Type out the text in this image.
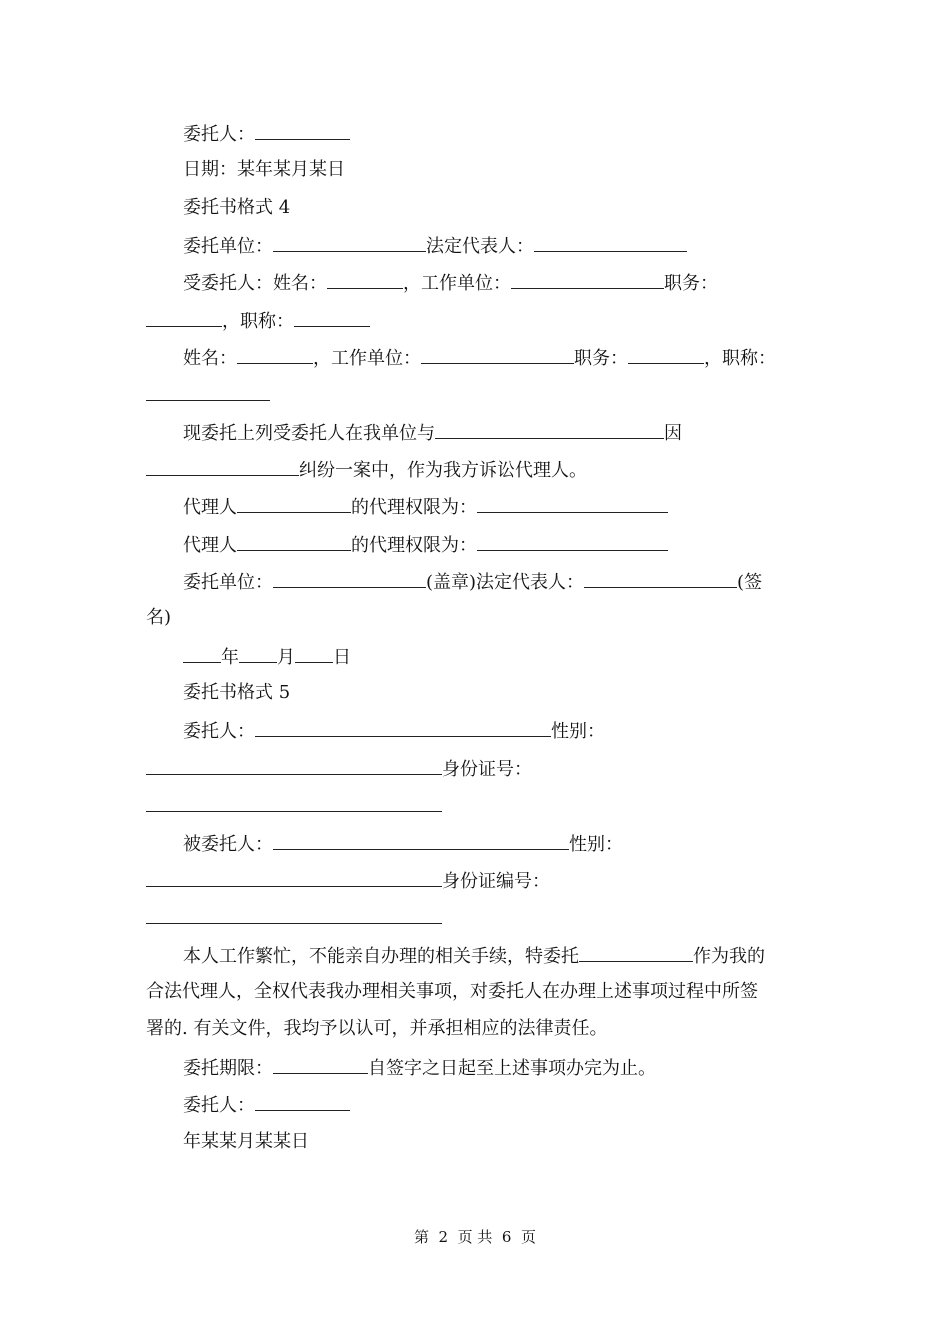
委托人：
日期：某年某月某日
委托书格式 4
委托单位：	法定代表人：
受委托人：姓名：	，工作单位：	职务：
，职称：
姓名：	，工作单位：	职务：	，职称：
现委托上列受委托人在我单位与	因
纠纷一案中，作为我方诉讼代理人。
代理人	的代理权限为：
代理人	的代理权限为：
委托单位：	(盖章)法定代表人：	(签
名)
年 月 日
委托书格式 5
委托人：	性别：
身份证号：
被委托人：	性别：
身份证编号：
本人工作繁忙，不能亲自办理的相关手续，特委托	作为我的
合法代理人，全权代表我办理相关事项，对委托人在办理上述事项过程中所签
署的. 有关文件，我均予以认可，并承担相应的法律责任。
委托期限：	自签字之日起至上述事项办完为止。
委托人：
年某某月某某日
第  2  页 共  6  页
